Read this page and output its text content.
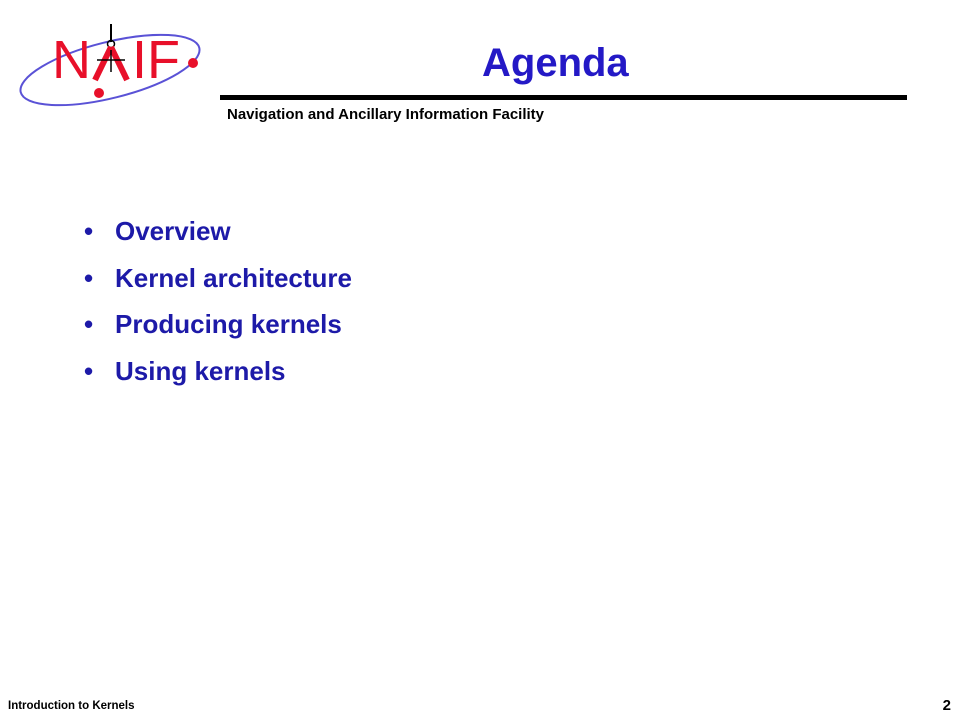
N IF	Agenda
Navigation and Ancillary Information Facility
• Overview
• Kernel architecture
• Producing kernels
• Using kernels
Introduction to Kernels	2
